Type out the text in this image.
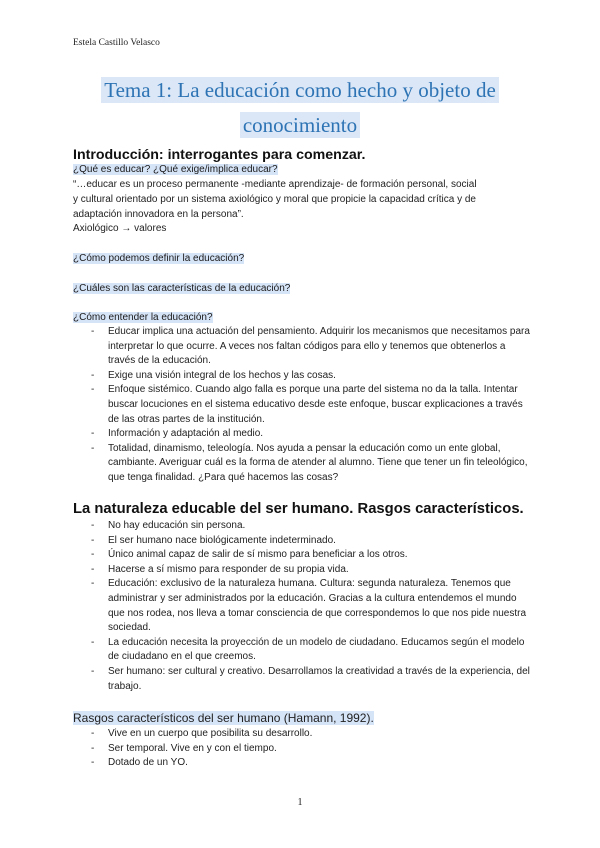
Estela Castillo Velasco
Tema 1: La educación como hecho y objeto de
conocimiento
Introducción: interrogantes para comenzar.
¿Qué es educar? ¿Qué exige/implica educar?
“…educar es un proceso permanente -mediante aprendizaje- de formación personal, social
y cultural orientado por un sistema axiológico y moral que propicie la capacidad crítica y de
adaptación innovadora en la persona”.
Axiológico → valores
¿Cómo podemos definir la educación?
¿Cuáles son las características de la educación?
¿Cómo entender la educación?
- Educar implica una actuación del pensamiento. Adquirir los mecanismos que necesitamos para interpretar lo que ocurre. A veces nos faltan códigos para ello y tenemos que obtenerlos a través de la educación.
- Exige una visión integral de los hechos y las cosas.
- Enfoque sistémico. Cuando algo falla es porque una parte del sistema no da la talla. Intentar buscar locuciones en el sistema educativo desde este enfoque, buscar explicaciones a través de las otras partes de la institución.
- Información y adaptación al medio.
- Totalidad, dinamismo, teleología. Nos ayuda a pensar la educación como un ente global, cambiante. Averiguar cuál es la forma de atender al alumno. Tiene que tener un fin teleológico, que tenga finalidad. ¿Para qué hacemos las cosas?
La naturaleza educable del ser humano. Rasgos característicos.
- No hay educación sin persona.
- El ser humano nace biológicamente indeterminado.
- Único animal capaz de salir de sí mismo para beneficiar a los otros.
- Hacerse a sí mismo para responder de su propia vida.
- Educación: exclusivo de la naturaleza humana. Cultura: segunda naturaleza. Tenemos que administrar y ser administrados por la educación. Gracias a la cultura entendemos el mundo que nos rodea, nos lleva a tomar consciencia de que correspondemos lo que nos pide nuestra sociedad.
- La educación necesita la proyección de un modelo de ciudadano. Educamos según el modelo de ciudadano en el que creemos.
- Ser humano: ser cultural y creativo. Desarrollamos la creatividad a través de la experiencia, del trabajo.
Rasgos característicos del ser humano (Hamann, 1992).
- Vive en un cuerpo que posibilita su desarrollo.
- Ser temporal. Vive en y con el tiempo.
- Dotado de un YO.
1
